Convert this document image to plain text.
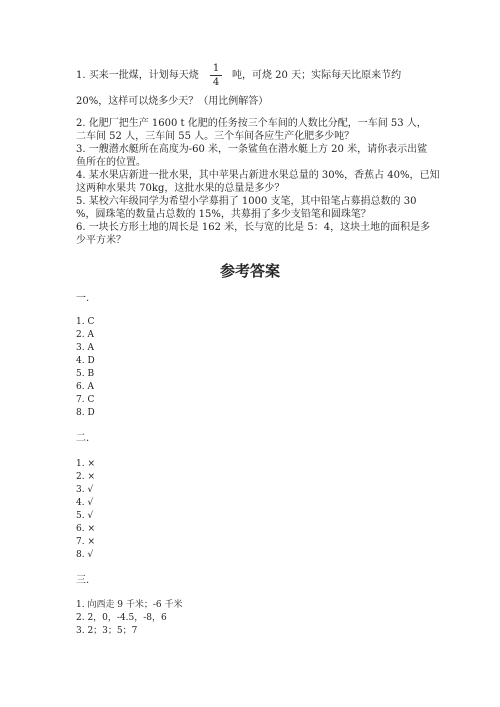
1. 买来一批煤，计划每天烧
1
4
吨，可烧 20 天；实际每天比原来节约
20%，这样可以烧多少天？（用比例解答）
2. 化肥厂把生产 1600 t 化肥的任务按三个车间的人数比分配，一车间 53 人，
二车间 52 人，三车间 55 人。三个车间各应生产化肥多少吨？
3. 一艘潜水艇所在高度为-60 米，一条鲨鱼在潜水艇上方 20 米，请你表示出鲨
鱼所在的位置。
4. 某水果店新进一批水果，其中苹果占新进水果总量的 30%，香蕉占 40%，已知
这两种水果共 70kg，这批水果的总量是多少？
5. 某校六年级同学为希望小学募捐了 1000 支笔，其中铅笔占募捐总数的 30
%，圆珠笔的数量占总数的 15%，共募捐了多少支铅笔和圆珠笔？
6. 一块长方形土地的周长是 162 米，长与宽的比是 5：4，这块土地的面积是多
少平方米？
参考答案
一.
1. C
2. A
3. A
4. D
5. B
6. A
7. C
8. D
二.
1. ×
2. ×
3. √
4. √
5. √
6. ×
7. ×
8. √
三.
1. 向西走 9 千米；-6 千米
2. 2，0，-4.5，-8，6
3. 2；3；5；7
